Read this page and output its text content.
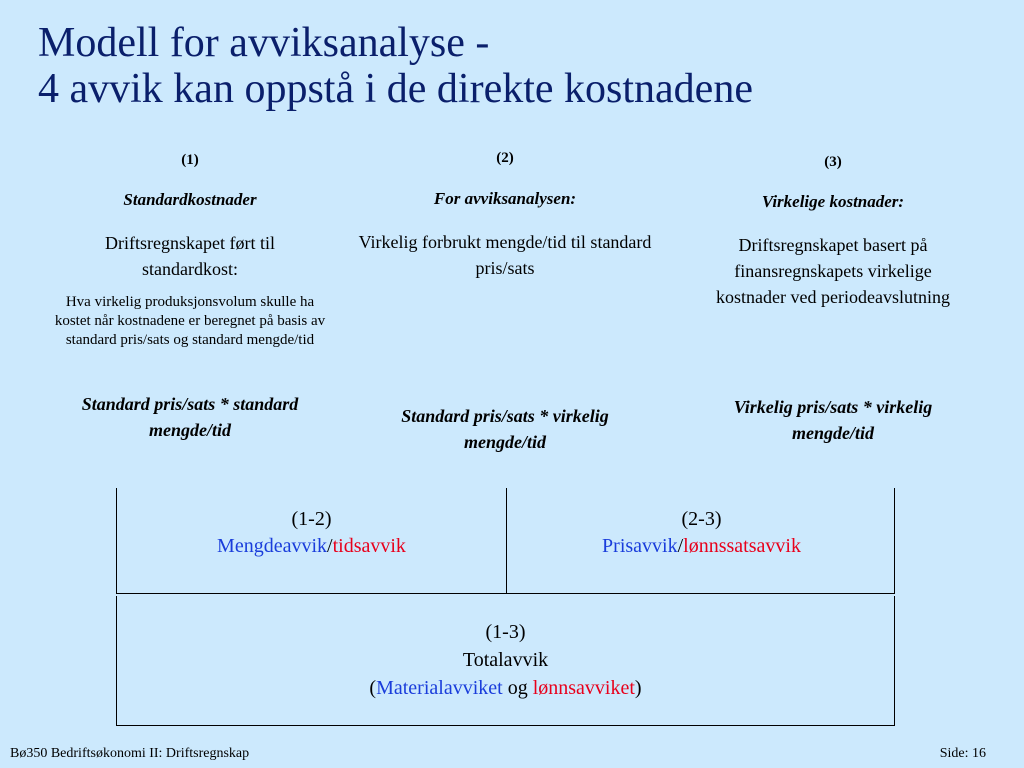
Modell for avviksanalyse -
4 avvik kan oppstå i de direkte kostnadene
(1)
Standardkostnader
Driftsregnskapet ført til standardkost:
Hva virkelig produksjonsvolum skulle ha kostet når kostnadene er beregnet på basis av standard pris/sats og standard mengde/tid
Standard pris/sats * standard mengde/tid
(2)
For avviksanalysen:
Virkelig forbrukt mengde/tid til standard pris/sats
Standard pris/sats * virkelig mengde/tid
(3)
Virkelige kostnader:
Driftsregnskapet basert på finansregnskapets virkelige kostnader ved periodeavslutning
Virkelig pris/sats * virkelig mengde/tid
(1-2)
Mengdeavvik/tidsavvik
(2-3)
Prisavvik/lønnssatsavvik
(1-3)
Totalavvik
(Materialavviket og lønnsavviket)
Bø350 Bedriftsøkonomi II: Driftsregnskap	Side: 16
